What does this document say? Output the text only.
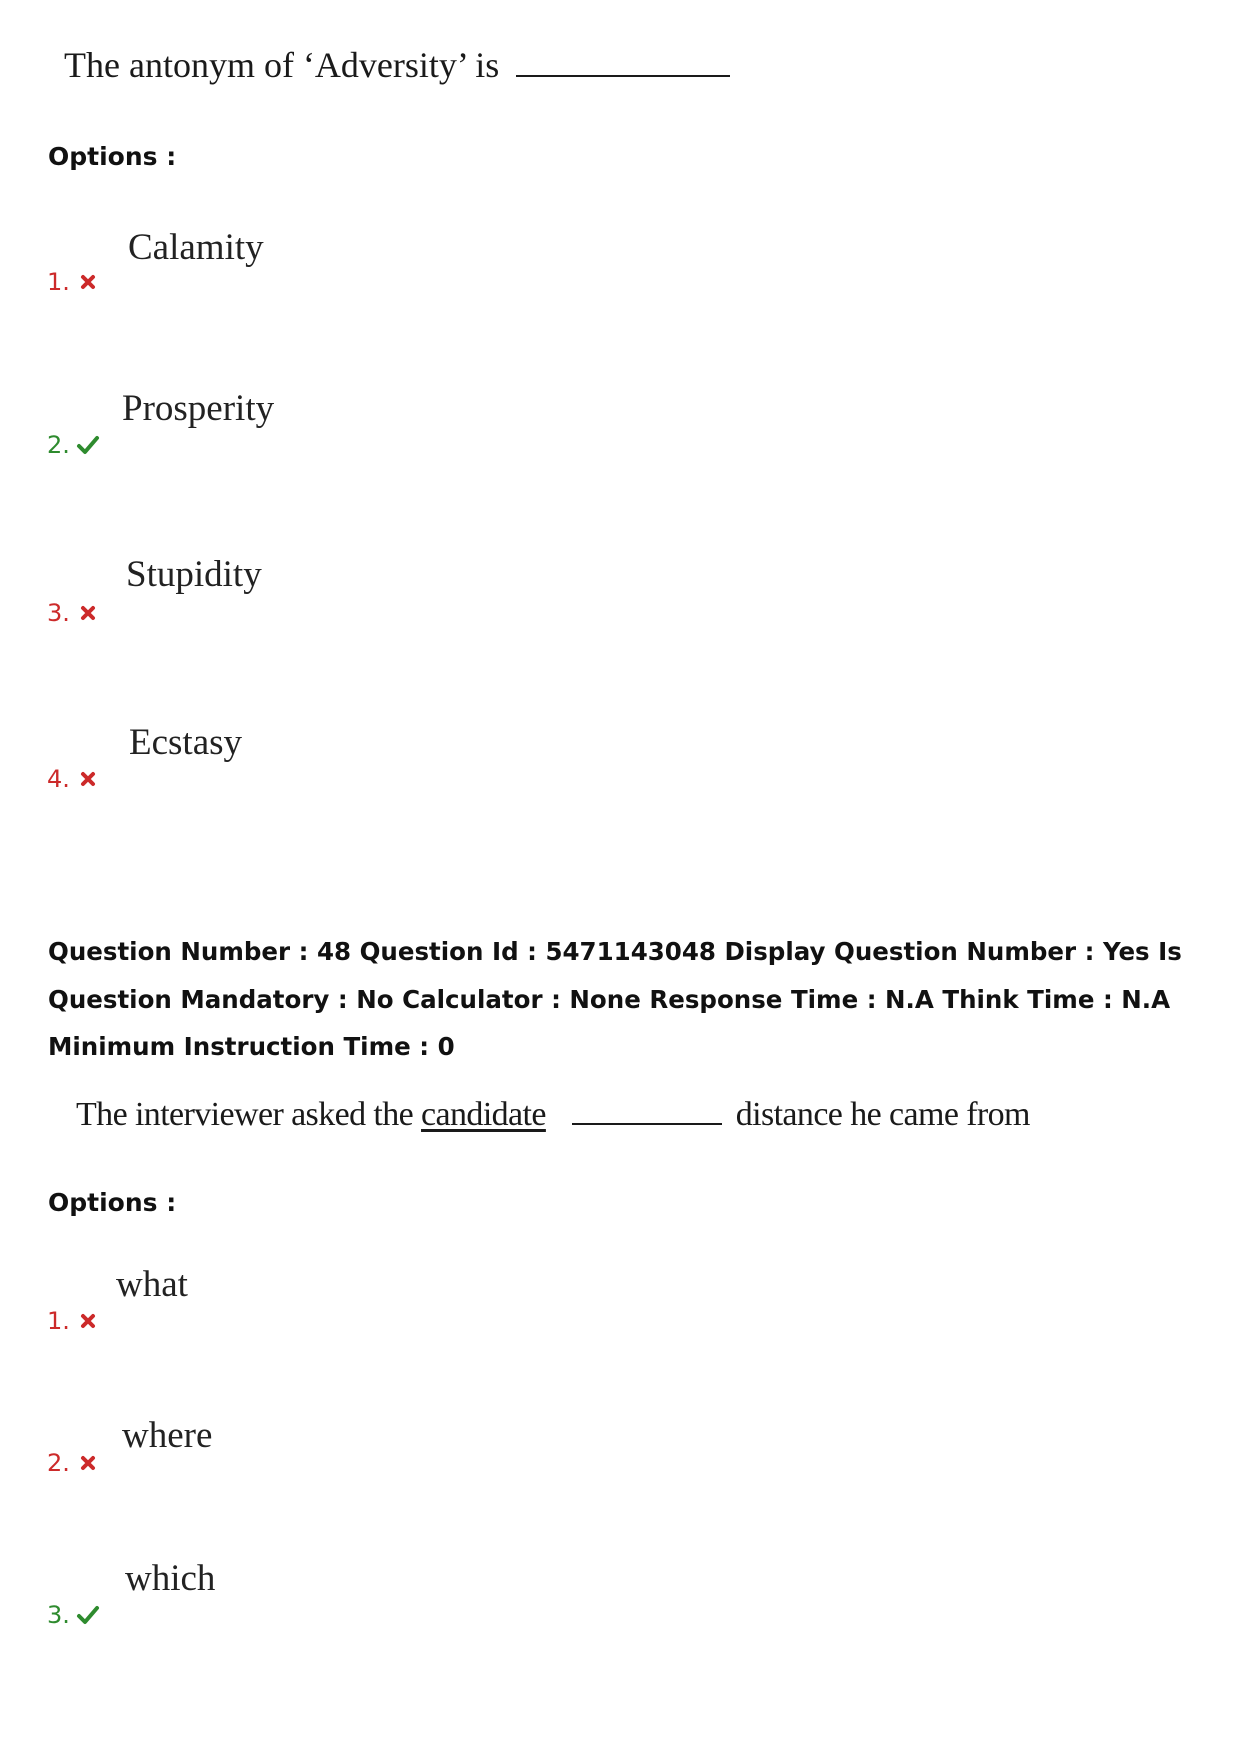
The antonym of ‘Adversity’ is
Options :
Calamity
1.
Prosperity
2.
Stupidity
3.
Ecstasy
4.
Question Number : 48 Question Id : 5471143048 Display Question Number : Yes Is Question Mandatory : No Calculator : None Response Time : N.A Think Time : N.A Minimum Instruction Time : 0
The interviewer asked the candidate	distance he came from
Options :
what
1.
where
2.
which
3.
